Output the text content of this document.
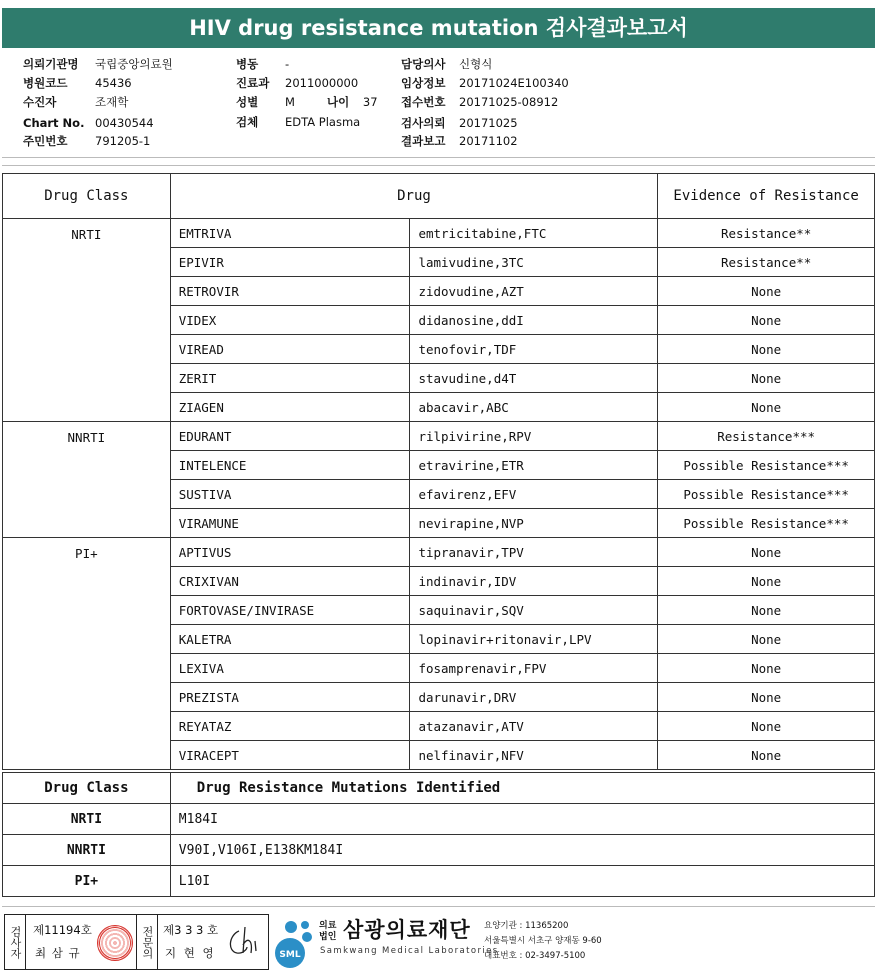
HIV drug resistance mutation 검사결과보고서
의뢰기관명 국립중앙의료원
병원코드 45436
수진자	조재학
Chart No. 00430544
주민번호 791205-1
병동 -
진료과 2011000000
성별 M
검체 EDTA Plasma
담당의사 신형식
임상정보 20171024E100340
접수번호 20171025-08912
검사의뢰 20171025
결과보고 20171102
나이 37
Drug Class	Drug		Evidence of Resistance
NRTI	EMTRIVA	emtricitabine,FTC	Resistance**
	EPIVIR	lamivudine,3TC	Resistance**
	RETROVIR	zidovudine,AZT	None
	VIDEX	didanosine,ddI	None
	VIREAD	tenofovir,TDF	None
	ZERIT	stavudine,d4T	None
	ZIAGEN	abacavir,ABC	None
NNRTI	EDURANT	rilpivirine,RPV	Resistance***
	INTELENCE	etravirine,ETR	Possible Resistance***
	SUSTIVA	efavirenz,EFV	Possible Resistance***
	VIRAMUNE	nevirapine,NVP	Possible Resistance***
PI+	APTIVUS	tipranavir,TPV	None
	CRIXIVAN	indinavir,IDV	None
	FORTOVASE/INVIRASE	saquinavir,SQV	None
	KALETRA	lopinavir+ritonavir,LPV	None
	LEXIVA	fosamprenavir,FPV	None
	PREZISTA	darunavir,DRV	None
	REYATAZ	atazanavir,ATV	None
	VIRACEPT	nelfinavir,NFV	None
Drug Class	Drug Resistance Mutations Identified
NRTI	M184I
NNRTI	V90I,V106I,E138KM184I
PI+	L10I
검사자 제11194호
최 삼 규	전문의 제3 3 3 호
지 현 영	SML
의료법인 삼광의료재단
Samkwang Medical Laboratories
요양기관 : 11365200
서울특별시 서초구 양재동 9-60
대표번호 : 02-3497-5100
